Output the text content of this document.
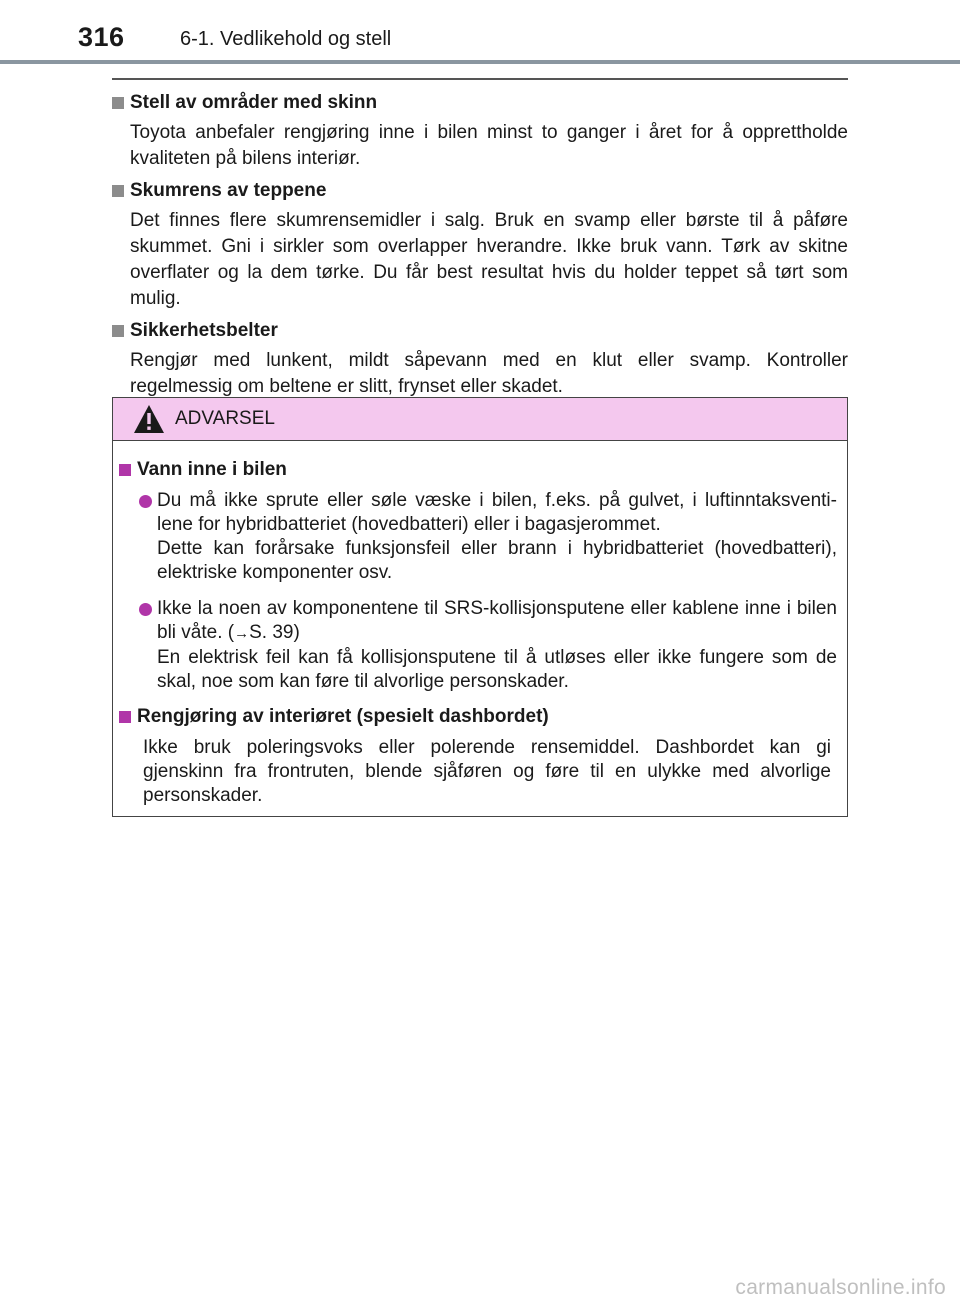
316	6-1. Vedlikehold og stell
Stell av områder med skinn
Toyota anbefaler rengjøring inne i bilen minst to ganger i året for å opprettholde kvaliteten på bilens interiør.
Skumrens av teppene
Det finnes flere skumrensemidler i salg. Bruk en svamp eller børste til å påføre skummet. Gni i sirkler som overlapper hverandre. Ikke bruk vann. Tørk av skitne overflater og la dem tørke. Du får best resultat hvis du holder teppet så tørt som mulig.
Sikkerhetsbelter
Rengjør med lunkent, mildt såpevann med en klut eller svamp. Kontroller regelmessig om beltene er slitt, frynset eller skadet.
ADVARSEL
Vann inne i bilen

Du må ikke sprute eller søle væske i bilen, f.eks. på gulvet, i luftinntaksventi- lene for hybridbatteriet (hovedbatteri) eller i bagasjerommet.

Dette kan forårsake funksjonsfeil eller brann i hybridbatteriet (hovedbatteri), elektriske komponenter osv.

Ikke la noen av komponentene til SRS-kollisjonsputene eller kablene inne i bilen bli våte. (→S. 39)

En elektrisk feil kan få kollisjonsputene til å utløses eller ikke fungere som de skal, noe som kan føre til alvorlige personskader.

Rengjøring av interiøret (spesielt dashbordet)
Ikke bruk poleringsvoks eller polerende rensemiddel. Dashbordet kan gi gjenskinn fra frontruten, blende sjåføren og føre til en ulykke med alvorlige personskader.
carmanualsonline.info
